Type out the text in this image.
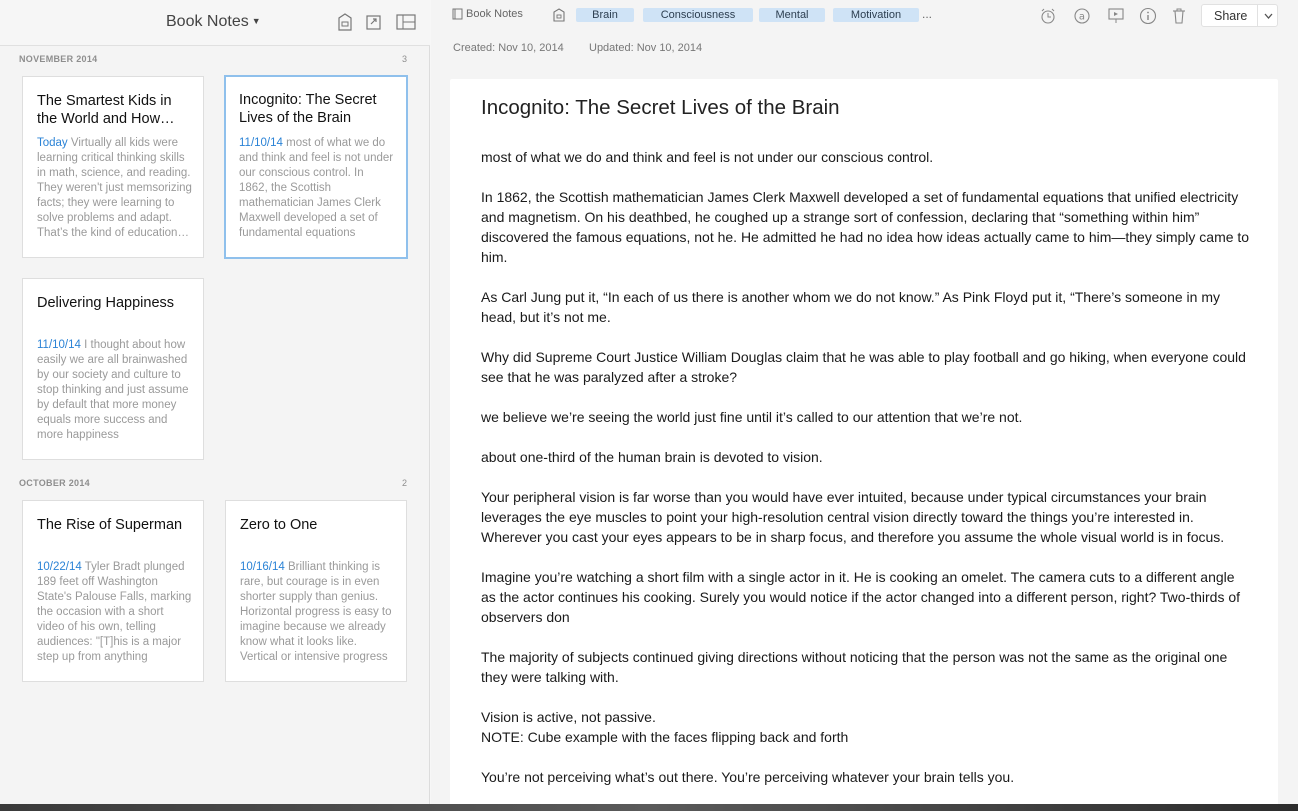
Book Notes ▼
NOVEMBER 2014	3
The Smartest Kids in the World and How
Today Virtually all kids were learning critical thinking skills in math, science, and reading. They weren't just memsorizing facts; they were learning to solve problems and adapt. That’s the kind of education
Incognito: The Secret Lives of the Brain
11/10/14 most of what we do and think and feel is not under our conscious control. In 1862, the Scottish mathematician James Clerk Maxwell developed a set of fundamental equations
Delivering Happiness
11/10/14 I thought about how easily we are all brainwashed by our society and culture to stop thinking and just assume by default that more money equals more success and more happiness
OCTOBER 2014	2
The Rise of Superman
10/22/14 Tyler Bradt plunged 189 feet off Washington State's Palouse Falls, marking the occasion with a short video of his own, telling audiences: "[T]his is a major step up from anything
Zero to One
10/16/14 Brilliant thinking is rare, but courage is in even shorter supply than genius. Horizontal progress is easy to imagine because we already know what it looks like. Vertical or intensive progress
Book Notes	Brain	Consciousness	Mental	Motivation	...	a	Share
Created: Nov 10, 2014 Updated: Nov 10, 2014
Incognito: The Secret Lives of the Brain

most of what we do and think and feel is not under our conscious control.

In 1862, the Scottish mathematician James Clerk Maxwell developed a set of fundamental equations that unified electricity and magnetism. On his deathbed, he coughed up a strange sort of confession, declaring that “something within him” discovered the famous equations, not he. He admitted he had no idea how ideas actually came to him—they simply came to him.

As Carl Jung put it, “In each of us there is another whom we do not know.” As Pink Floyd put it, “There’s someone in my head, but it’s not me.

Why did Supreme Court Justice William Douglas claim that he was able to play football and go hiking, when everyone could see that he was paralyzed after a stroke?

we believe we’re seeing the world just fine until it’s called to our attention that we’re not.

about one-third of the human brain is devoted to vision.

Your peripheral vision is far worse than you would have ever intuited, because under typical circumstances your brain leverages the eye muscles to point your high-resolution central vision directly toward the things you’re interested in. Wherever you cast your eyes appears to be in sharp focus, and therefore you assume the whole visual world is in focus.

Imagine you’re watching a short film with a single actor in it. He is cooking an omelet. The camera cuts to a different angle as the actor continues his cooking. Surely you would notice if the actor changed into a different person, right? Two-thirds of observers don

The majority of subjects continued giving directions without noticing that the person was not the same as the original one they were talking with.

Vision is active, not passive.

NOTE: Cube example with the faces flipping back and forth

You’re not perceiving what’s out there. You’re perceiving whatever your brain tells you.
